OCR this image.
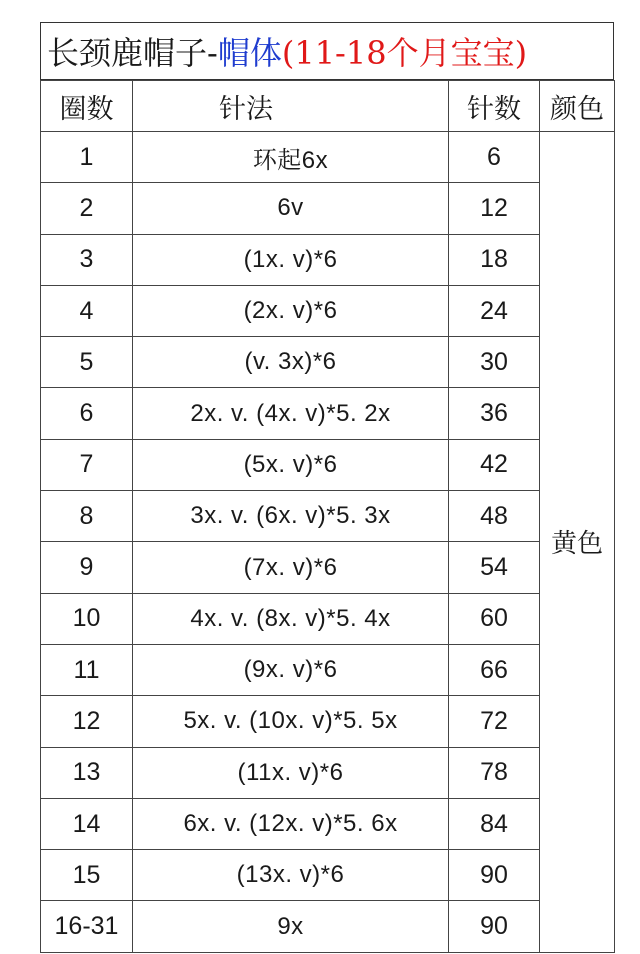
长颈鹿帽子- 帽体 (11-18个月宝宝)
圈数	针法	针数	颜色
1	环起6x	6	黄色
2	6v	12	
3	(1x. v)*6	18	
4	(2x. v)*6	24	
5	(v. 3x)*6	30	
6	2x. v. (4x. v)*5. 2x	36	
7	(5x. v)*6	42	
8	3x. v. (6x. v)*5. 3x	48	
9	(7x. v)*6	54	
10	4x. v. (8x. v)*5. 4x	60	
11	(9x. v)*6	66	
12	5x. v. (10x. v)*5. 5x	72	
13	(11x. v)*6	78	
14	6x. v. (12x. v)*5. 6x	84	
15	(13x. v)*6	90	
16-31	9x	90	
